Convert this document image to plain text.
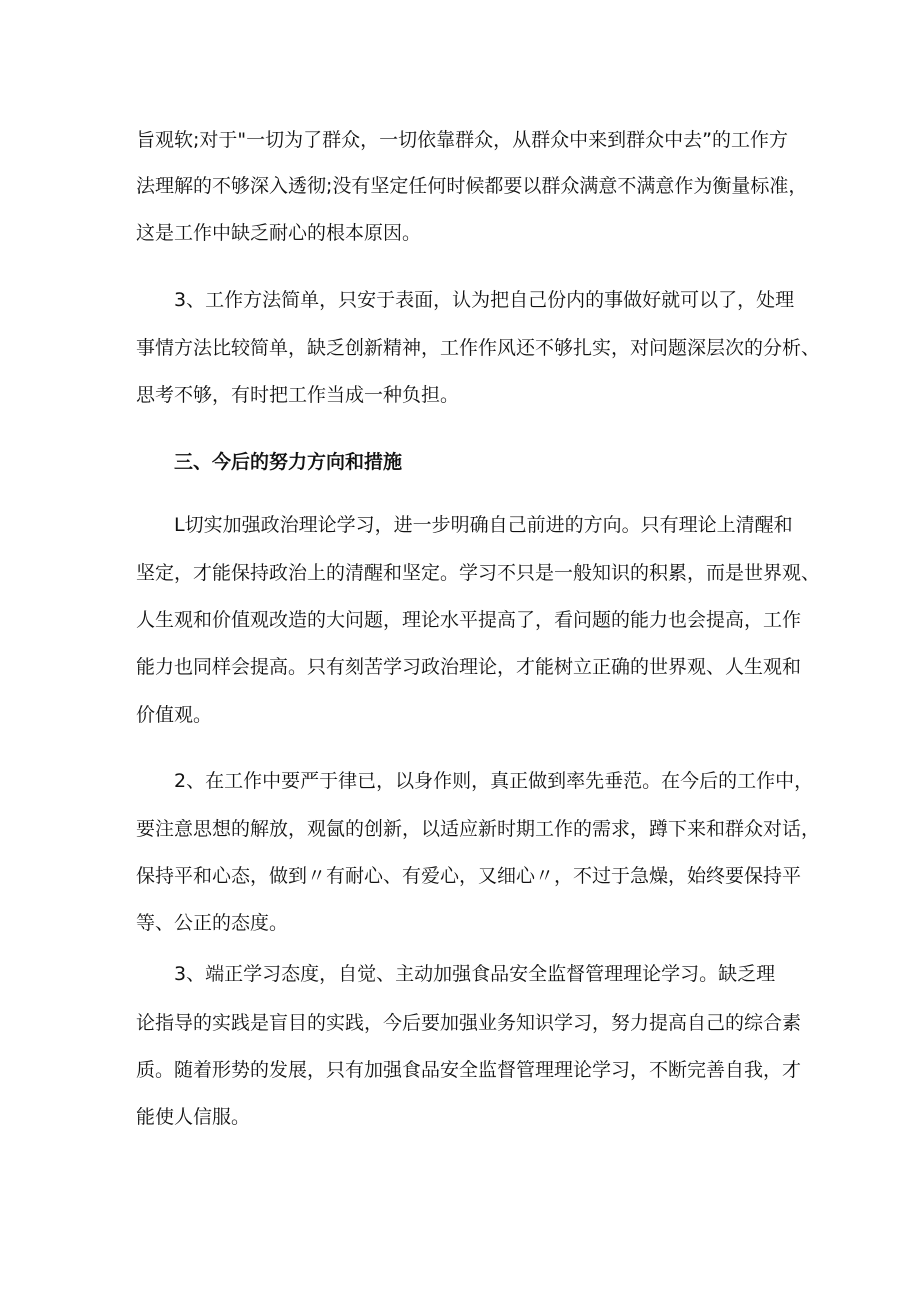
旨观软;对于"一切为了群众，一切依靠群众，从群众中来到群众中去”的工作方
法理解的不够深入透彻;没有坚定任何时候都要以群众满意不满意作为衡量标准，
这是工作中缺乏耐心的根本原因。
3、工作方法简单，只安于表面，认为把自己份内的事做好就可以了，处理
事情方法比较简单，缺乏创新精神，工作作风还不够扎实，对问题深层次的分析、
思考不够，有时把工作当成一种负担。
三、今后的努力方向和措施
L切实加强政治理论学习，进一步明确自己前进的方向。只有理论上清醒和
坚定，才能保持政治上的清醒和坚定。学习不只是一般知识的积累，而是世界观、
人生观和价值观改造的大问题，理论水平提高了，看问题的能力也会提高，工作
能力也同样会提高。只有刻苦学习政治理论，才能树立正确的世界观、人生观和
价值观。
2、在工作中要严于律已，以身作则，真正做到率先垂范。在今后的工作中，
要注意思想的解放，观氤的创新，以适应新时期工作的需求，蹲下来和群众对话，
保持平和心态，做到〃有耐心、有爱心，又细心〃，不过于急燥，始终要保持平
等、公正的态度。
3、端正学习态度，自觉、主动加强食品安全监督管理理论学习。缺乏理
论指导的实践是盲目的实践，今后要加强业务知识学习，努力提高自己的综合素
质。随着形势的发展，只有加强食品安全监督管理理论学习，不断完善自我，才
能使人信服。
